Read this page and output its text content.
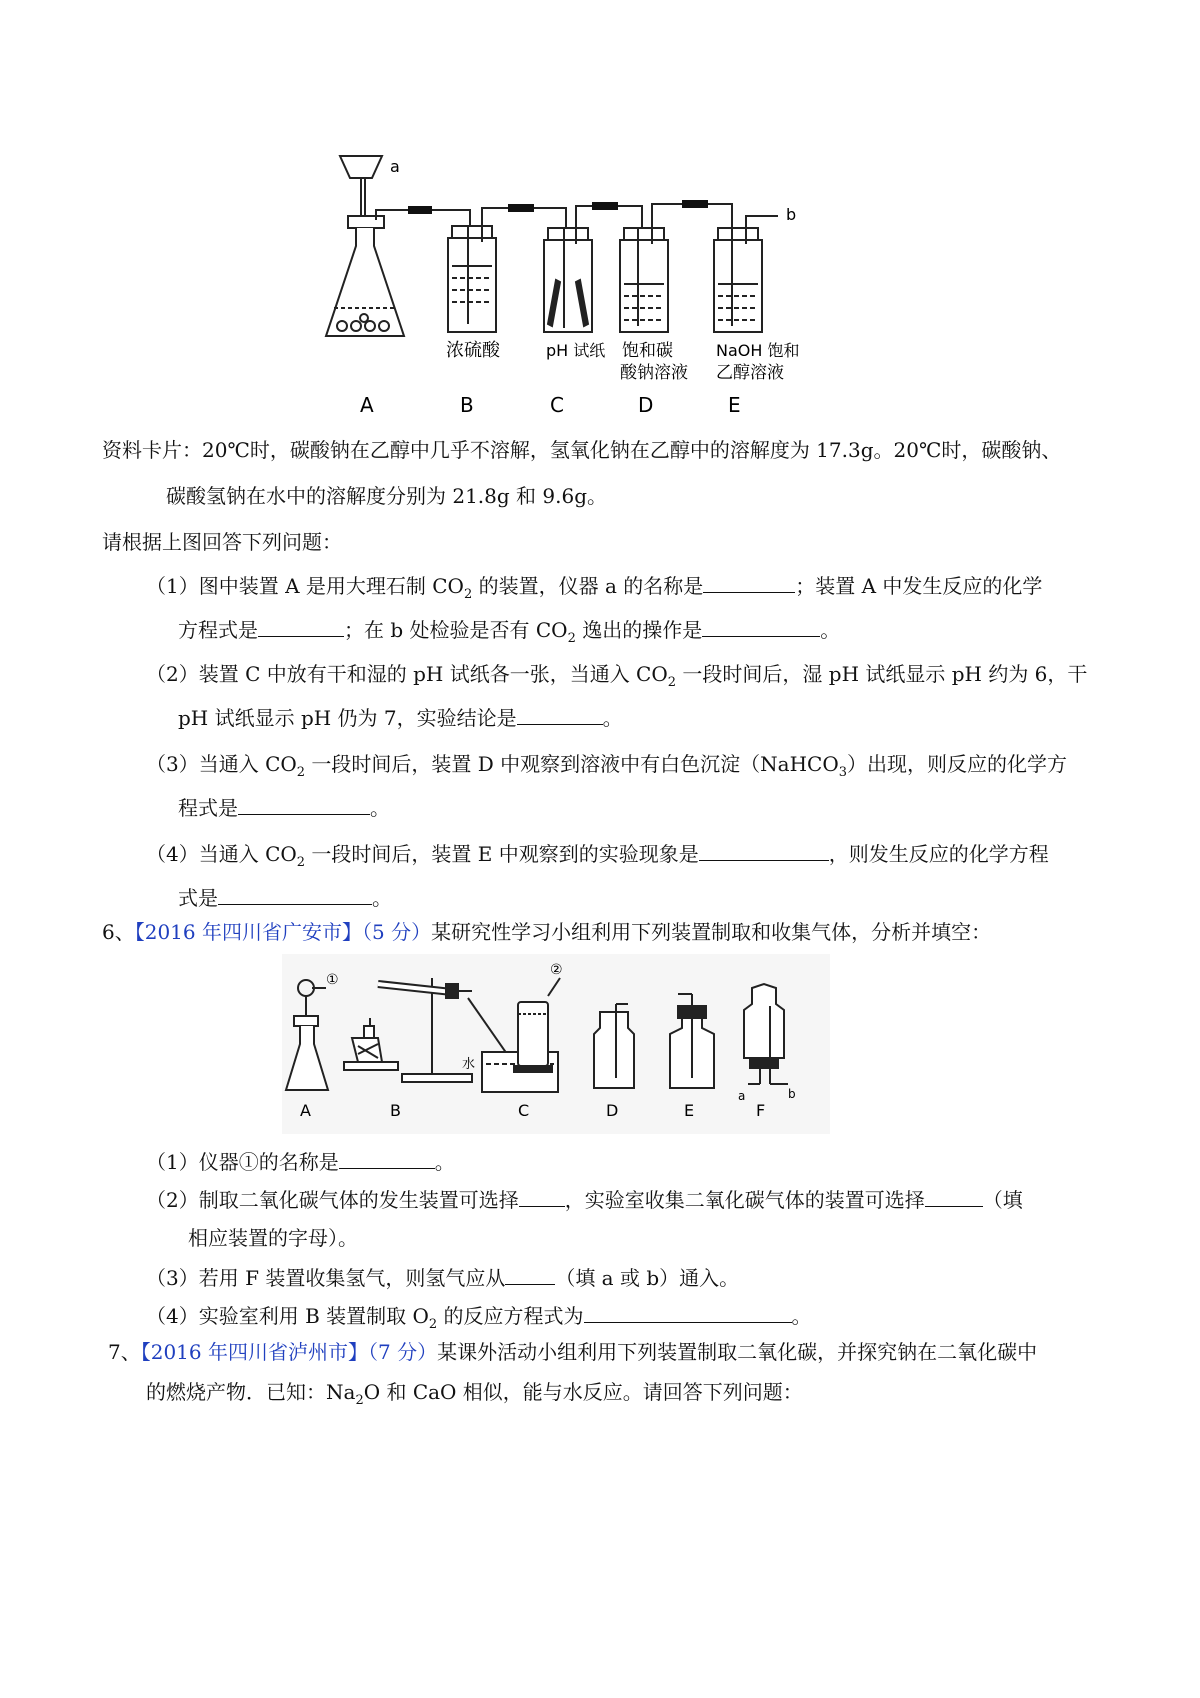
a
b
浓硫酸	pH 试纸 饱和碳
酸钠溶液
NaOH 饱和
乙醇溶液
A	B	C	D	E
资料卡片：20℃时，碳酸钠在乙醇中几乎不溶解，氢氧化钠在乙醇中的溶解度为 17.3g。20℃时，碳酸钠、
碳酸氢钠在水中的溶解度分别为 21.8g 和 9.6g。
请根据上图回答下列问题：
（1）图中装置 A 是用大理石制 $CO_2$ 的装置，仪器 a 的名称是	；装置 A 中发生反应的化学
方程式是	；在 b 处检验是否有 $CO_2$ 逸出的操作是	。
（2）装置 C 中放有干和湿的 pH 试纸各一张，当通入 $CO_2$ 一段时间后，湿 pH 试纸显示 pH 约为 6，干
pH 试纸显示 pH 仍为 7，实验结论是	。
（3）当通入 $CO_2$ 一段时间后，装置 D 中观察到溶液中有白色沉淀（NaHCO$_3$）出现，则反应的化学方
程式是	。
（4）当通入 $CO_2$ 一段时间后，装置 E 中观察到的实验现象是	，则发生反应的化学方程
式是	。
6、【2016 年四川省广安市】（5 分）某研究性学习小组利用下列装置制取和收集气体，分析并填空：
①
②
水
a	b
A	B	C	D	E	F
（1）仪器①的名称是	。
（2）制取二氧化碳气体的发生装置可选择 ，实验室收集二氧化碳气体的装置可选择	（填
相应装置的字母）。
（3）若用 F 装置收集氢气，则氢气应从	（填 a 或 b）通入。
（4）实验室利用 B 装置制取 $O_2$ 的反应方程式为	。
7、【2016 年四川省泸州市】（7 分）某课外活动小组利用下列装置制取二氧化碳，并探究钠在二氧化碳中
的燃烧产物．已知：$Na_2O$ 和 CaO 相似，能与水反应。请回答下列问题：
